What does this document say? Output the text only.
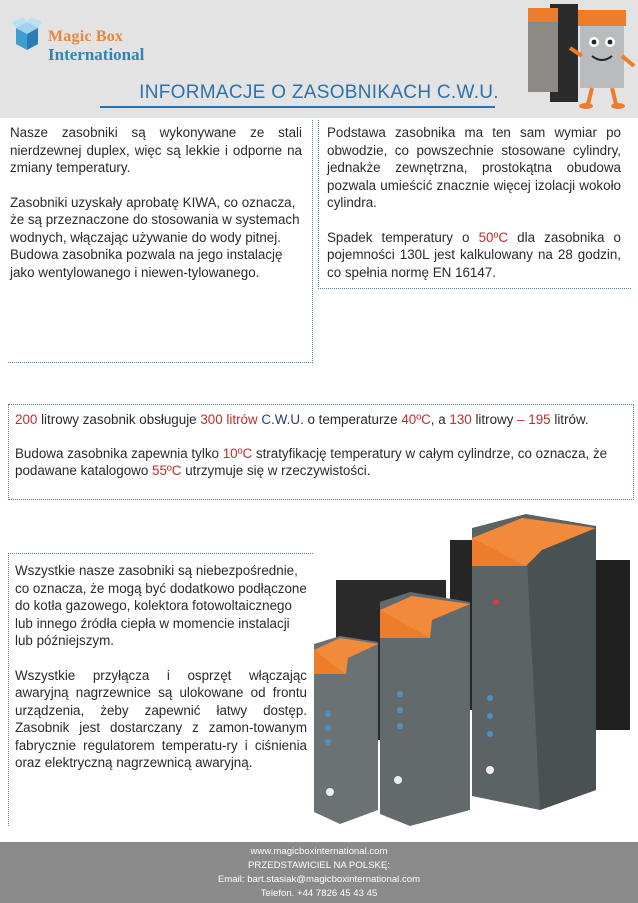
Magic Box
International
INFORMACJE O ZASOBNIKACH C.W.U.

Nasze zasobniki są wykonywane ze stali nierdzewnej duplex, więc są lekkie i odporne na zmiany temperatury.

Zasobniki uzyskały aprobatę KIWA, co oznacza, że są przeznaczone do stosowania w systemach wodnych, włączając używanie do wody pitnej. Budowa zasobnika pozwala na jego instalację jako wentylowanego i niewen-tylowanego.

Podstawa zasobnika ma ten sam wymiar po obwodzie, co powszechnie stosowane cylindry, jednakże zewnętrzna, prostokątna obudowa pozwala umieścić znacznie więcej izolacji wokoło cylindra.

Spadek temperatury o 50ºC dla zasobnika o pojemności 130L jest kalkulowany na 28 godzin, co spełnia normę EN 16147.

200 litrowy zasobnik obsługuje 300 litrów C.W.U. o temperaturze 40ºC, a 130 litrowy – 195 litrów.

Budowa zasobnika zapewnia tylko 10ºC stratyfikację temperatury w całym cylindrze, co oznacza, że podawane katalogowo 55ºC utrzymuje się w rzeczywistości.

Wszystkie nasze zasobniki są niebezpośrednie, co oznacza, że mogą być dodatkowo podłączone do kotła gazowego, kolektora fotowoltaicznego lub innego źródła ciepła w momencie instalacji lub późniejszym.

Wszystkie przyłącza i osprzęt włączając awaryjną nagrzewnice są ulokowane od frontu urządzenia, żeby zapewnić łatwy dostęp. Zasobnik jest dostarczany z zamon-towanym fabrycznie regulatorem temperatu-ry i ciśnienia oraz elektryczną nagrzewnicą awaryjną.

www.magicboxinternational.com
PRZEDSTAWICIEL NA POLSKĘ:
Email: bart.stasiak@magicboxinternational.com
Telefon. +44 7826 45 43 45
